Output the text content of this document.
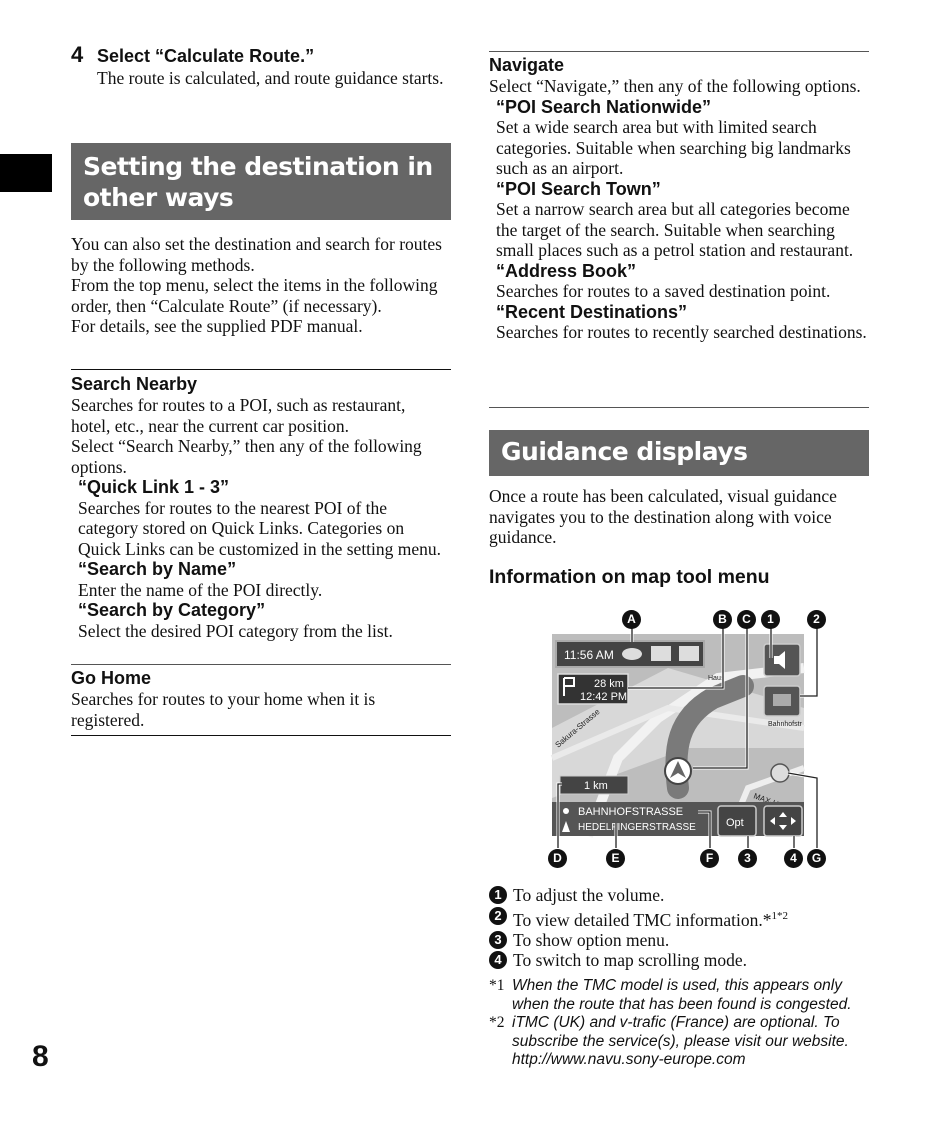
4 Select “Calculate Route.”
The route is calculated, and route guidance starts.
Setting the destination in other ways
You can also set the destination and search for routes by the following methods.
From the top menu, select the items in the following order, then “Calculate Route” (if necessary).
For details, see the supplied PDF manual.
Search Nearby
Searches for routes to a POI, such as restaurant, hotel, etc., near the current car position.
Select “Search Nearby,” then any of the following options.
“Quick Link 1 - 3”
Searches for routes to the nearest POI of the category stored on Quick Links. Categories on Quick Links can be customized in the setting menu.
“Search by Name”
Enter the name of the POI directly.
“Search by Category”
Select the desired POI category from the list.
Go Home
Searches for routes to your home when it is registered.
Navigate
Select “Navigate,” then any of the following options.
“POI Search Nationwide”
Set a wide search area but with limited search categories. Suitable when searching big landmarks such as an airport.
“POI Search Town”
Set a narrow search area but all categories become the target of the search. Suitable when searching small places such as a petrol station and restaurant.
“Address Book”
Searches for routes to a saved destination point.
“Recent Destinations”
Searches for routes to recently searched destinations.
Guidance displays
Once a route has been calculated, visual guidance navigates you to the destination along with voice guidance.
Information on map tool menu
11:56 AM
28 km
12:42 PM
Sakura-Strasse	Bahnhofstr
Haus
1 km
BAHNHOFSTRASSE
HEDELFINGERSTRASSE	Opt
A	B	C	1	2
D	E	F	3	4	G
1 To adjust the volume.
2 To view detailed TMC information.*$^{1*2}$
3 To show option menu.
4 To switch to map scrolling mode.
*1 When the TMC model is used, this appears only when the route that has been found is congested.
*2 iTMC (UK) and v-trafic (France) are optional. To subscribe the service(s), please visit our website. http://www.navu.sony-europe.com
8
